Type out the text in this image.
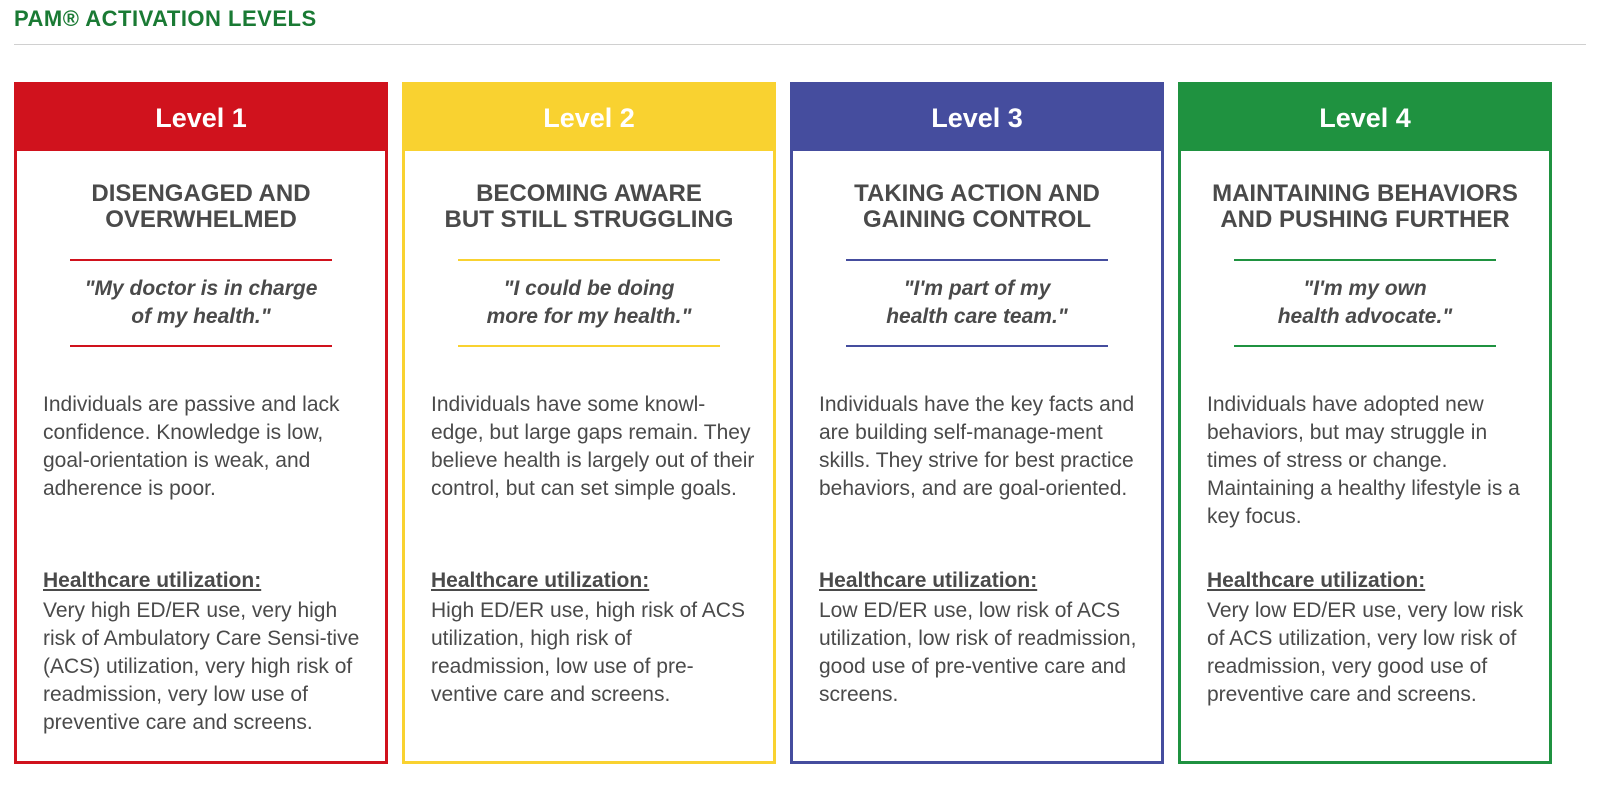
PAM® ACTIVATION LEVELS
Level 1
DISENGAGED AND
OVERWHELMED
"My doctor is in charge
of my health."
Individuals are passive and lack confidence. Knowledge is low, goal-orientation is weak, and adherence is poor.
Healthcare utilization:
Very high ED/ER use, very high risk of Ambulatory Care Sensi-tive (ACS) utilization, very high risk of readmission, very low use of preventive care and screens.
Level 2
BECOMING AWARE
BUT STILL STRUGGLING
"I could be doing
more for my health."
Individuals have some knowl-edge, but large gaps remain. They believe health is largely out of their control, but can set simple goals.
Healthcare utilization:
High ED/ER use, high risk of ACS utilization, high risk of readmission, low use of pre-ventive care and screens.
Level 3
TAKING ACTION AND
GAINING CONTROL
"I'm part of my
health care team."
Individuals have the key facts and are building self-manage-ment skills. They strive for best practice behaviors, and are goal-oriented.
Healthcare utilization:
Low ED/ER use, low risk of ACS utilization, low risk of readmission, good use of pre-ventive care and screens.
Level 4
MAINTAINING BEHAVIORS
AND PUSHING FURTHER
"I'm my own
health advocate."
Individuals have adopted new behaviors, but may struggle in times of stress or change. Maintaining a healthy lifestyle is a key focus.
Healthcare utilization:
Very low ED/ER use, very low risk of ACS utilization, very low risk of readmission, very good use of preventive care and screens.
